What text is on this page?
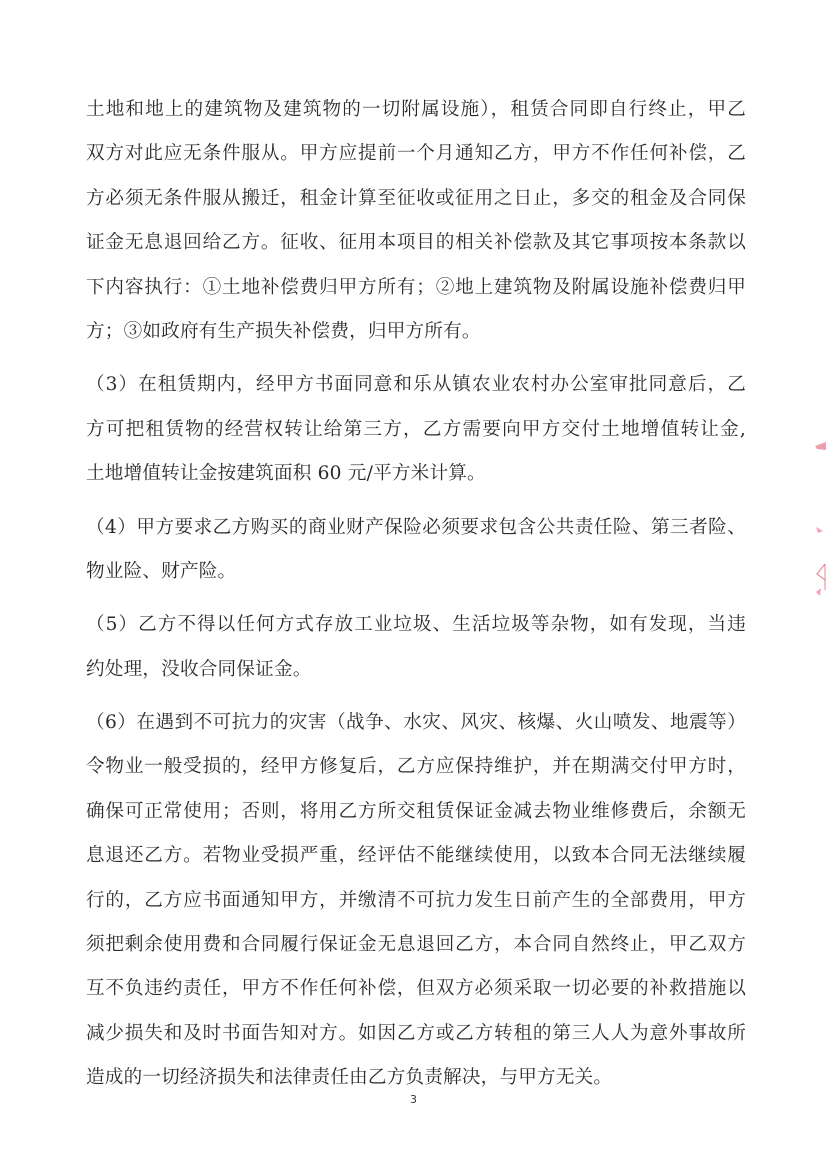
土地和地上的建筑物及建筑物的一切附属设施），租赁合同即自行终止，甲乙
双方对此应无条件服从。甲方应提前一个月通知乙方，甲方不作任何补偿，乙
方必须无条件服从搬迁，租金计算至征收或征用之日止，多交的租金及合同保
证金无息退回给乙方。征收、征用本项目的相关补偿款及其它事项按本条款以
下内容执行：①土地补偿费归甲方所有；②地上建筑物及附属设施补偿费归甲
方；③如政府有生产损失补偿费，归甲方所有。
（3）在租赁期内，经甲方书面同意和乐从镇农业农村办公室审批同意后，乙
方可把租赁物的经营权转让给第三方，乙方需要向甲方交付土地增值转让金,
土地增值转让金按建筑面积 60 元/平方米计算。
（4）甲方要求乙方购买的商业财产保险必须要求包含公共责任险、第三者险、
物业险、财产险。
（5）乙方不得以任何方式存放工业垃圾、生活垃圾等杂物，如有发现，当违
约处理，没收合同保证金。
（6）在遇到不可抗力的灾害（战争、水灾、风灾、核爆、火山喷发、地震等）
令物业一般受损的，经甲方修复后，乙方应保持维护，并在期满交付甲方时，
确保可正常使用；否则，将用乙方所交租赁保证金减去物业维修费后，余额无
息退还乙方。若物业受损严重，经评估不能继续使用，以致本合同无法继续履
行的，乙方应书面通知甲方，并缴清不可抗力发生日前产生的全部费用，甲方
须把剩余使用费和合同履行保证金无息退回乙方，本合同自然终止，甲乙双方
互不负违约责任，甲方不作任何补偿，但双方必须采取一切必要的补救措施以
减少损失和及时书面告知对方。如因乙方或乙方转租的第三人人为意外事故所
造成的一切经济损失和法律责任由乙方负责解决，与甲方无关。
3
